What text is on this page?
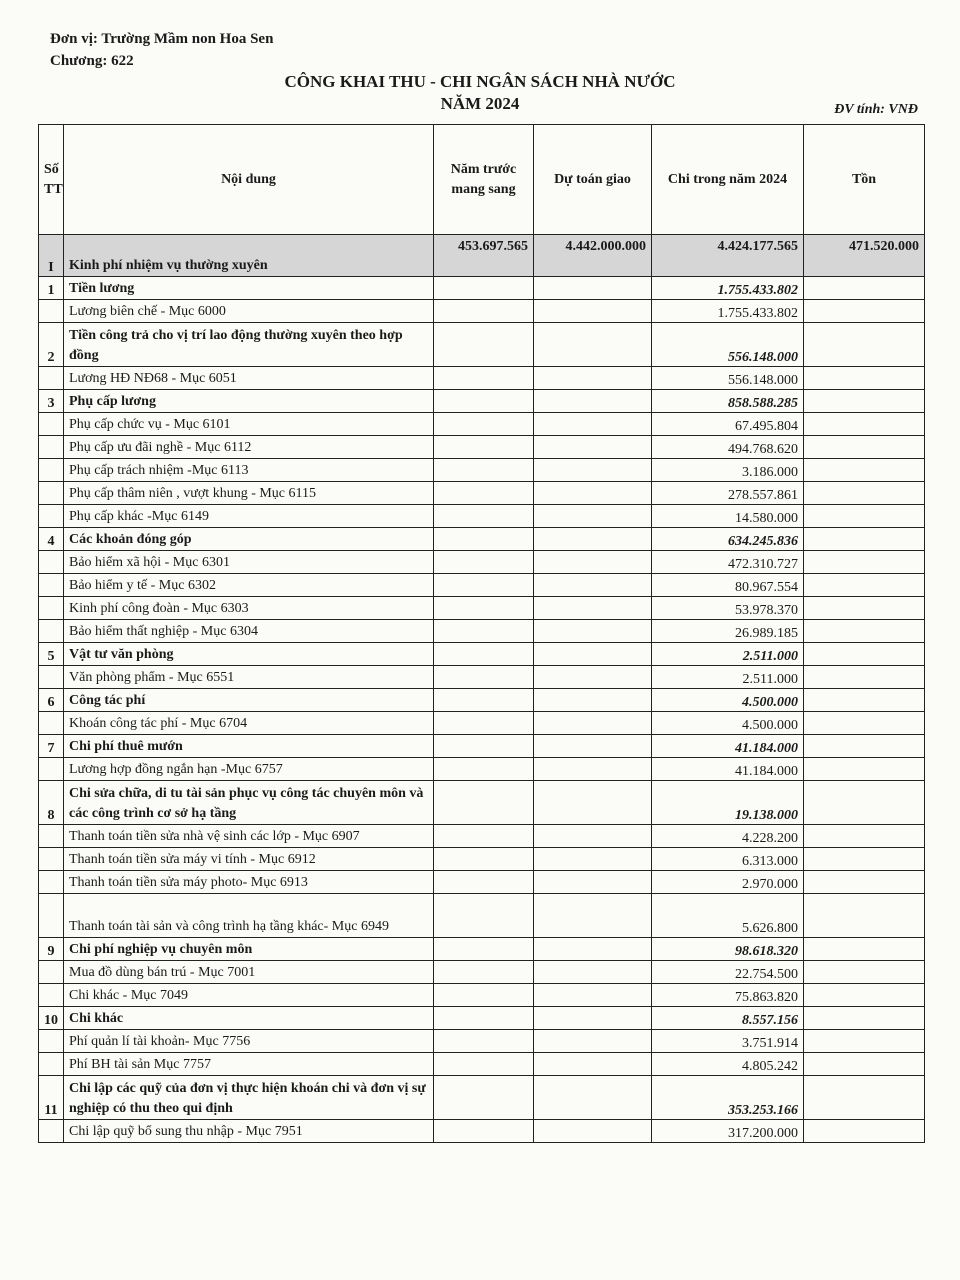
Đơn vị: Trường Mầm non Hoa Sen
Chương: 622
CÔNG KHAI THU - CHI NGÂN SÁCH NHÀ NƯỚC
NĂM 2024	ĐV tính: VNĐ
Số TT	Nội dung	Năm trước mang sang	Dự toán giao	Chi trong năm 2024	Tồn
I	Kinh phí nhiệm vụ thường xuyên	453.697.565	4.442.000.000	4.424.177.565	471.520.000
1	Tiền lương			1.755.433.802	
	Lương biên chế - Mục 6000			1.755.433.802	
2	Tiền công trả cho vị trí lao động thường xuyên theo hợp đồng			556.148.000	
	Lương HĐ NĐ68 - Mục 6051			556.148.000	
3	Phụ cấp lương			858.588.285	
	Phụ cấp chức vụ - Mục 6101			67.495.804	
	Phụ cấp ưu đãi nghề - Mục 6112			494.768.620	
	Phụ cấp trách nhiệm -Mục 6113			3.186.000	
	Phụ cấp thâm niên , vượt khung - Mục 6115			278.557.861	
	Phụ cấp khác -Mục 6149			14.580.000	
4	Các khoản đóng góp			634.245.836	
	Bảo hiểm xã hội - Mục 6301			472.310.727	
	Bảo hiểm y tế - Mục 6302			80.967.554	
	Kinh phí công đoàn - Mục 6303			53.978.370	
	Bảo hiểm thất nghiệp - Mục 6304			26.989.185	
5	Vật tư văn phòng			2.511.000	
	Văn phòng phẩm - Mục 6551			2.511.000	
6	Công tác phí			4.500.000	
	Khoán công tác phí - Mục 6704			4.500.000	
7	Chi phí thuê mướn			41.184.000	
	Lương hợp đồng ngắn hạn -Mục 6757			41.184.000	
8	Chi sửa chữa, di tu tài sản phục vụ công tác chuyên môn và các công trình cơ sở hạ tầng			19.138.000	
	Thanh toán tiền sửa nhà vệ sinh các lớp - Mục 6907			4.228.200	
	Thanh toán tiền sửa máy vi tính - Mục 6912			6.313.000	
	Thanh toán tiền sửa máy photo- Mục 6913			2.970.000	
	Thanh toán tài sản và công trình hạ tầng khác- Mục 6949			5.626.800	
9	Chi phí nghiệp vụ chuyên môn			98.618.320	
	Mua đồ dùng bán trú - Mục 7001			22.754.500	
	Chi khác - Mục 7049			75.863.820	
10	Chi khác			8.557.156	
	Phí quản lí tài khoản- Mục 7756			3.751.914	
	Phí BH tài sản Mục 7757			4.805.242	
11	Chi lập các quỹ của đơn vị thực hiện khoán chi và đơn vị sự nghiệp có thu theo qui định			353.253.166	
	Chi lập quỹ bổ sung thu nhập - Mục 7951			317.200.000	
